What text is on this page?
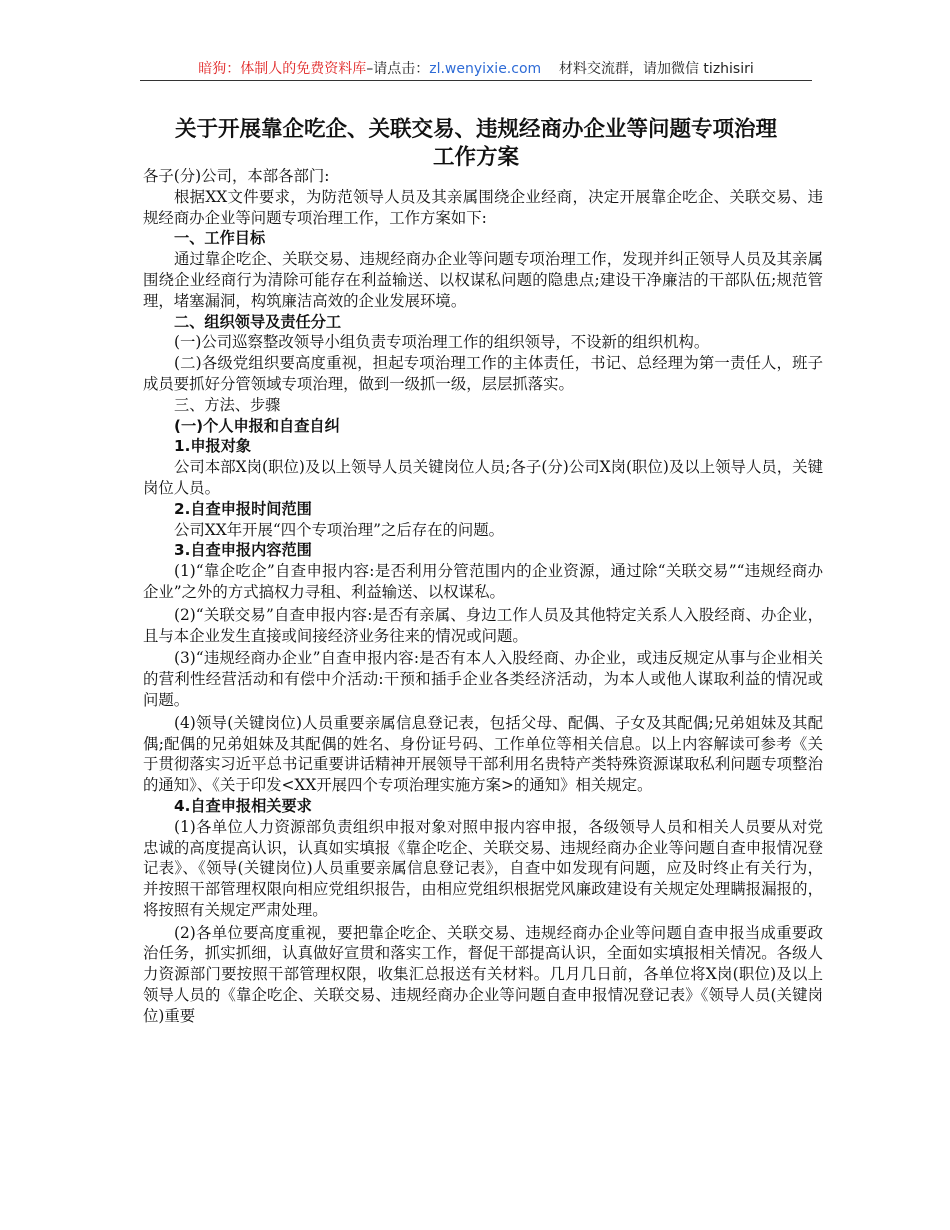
暗狗：体制人的免费资料库–请点击：zl.wenyixie.com 材料交流群，请加微信 tizhisiri
关于开展靠企吃企、关联交易、违规经商办企业等问题专项治理
工作方案

各子(分)公司，本部各部门:

根据XX文件要求，为防范领导人员及其亲属围绕企业经商，决定开展靠企吃企、关联交易、违规经商办企业等问题专项治理工作，工作方案如下:

一、工作目标

通过靠企吃企、关联交易、违规经商办企业等问题专项治理工作，发现并纠正领导人员及其亲属围绕企业经商行为清除可能存在利益输送、以权谋私问题的隐患点;建设干净廉洁的干部队伍;规范管理，堵塞漏洞，构筑廉洁高效的企业发展环境。

二、组织领导及责任分工

(一)公司巡察整改领导小组负责专项治理工作的组织领导，不设新的组织机构。

(二)各级党组织要高度重视，担起专项治理工作的主体责任，书记、总经理为第一责任人，班子成员要抓好分管领域专项治理，做到一级抓一级，层层抓落实。

三、方法、步骤

(一)个人申报和自查自纠

1.申报对象

公司本部X岗(职位)及以上领导人员关键岗位人员;各子(分)公司X岗(职位)及以上领导人员，关键岗位人员。

2.自查申报时间范围

公司XX年开展“四个专项治理”之后存在的问题。

3.自查申报内容范围

(1)“靠企吃企”自查申报内容:是否利用分管范围内的企业资源，通过除“关联交易”“违规经商办企业”之外的方式搞权力寻租、利益输送、以权谋私。

(2)“关联交易”自查申报内容:是否有亲属、身边工作人员及其他特定关系人入股经商、办企业，且与本企业发生直接或间接经济业务往来的情况或问题。

(3)“违规经商办企业”自查申报内容:是否有本人入股经商、办企业，或违反规定从事与企业相关的营利性经营活动和有偿中介活动:干预和插手企业各类经济活动，为本人或他人谋取利益的情况或问题。

(4)领导(关键岗位)人员重要亲属信息登记表，包括父母、配偶、子女及其配偶;兄弟姐妹及其配偶;配偶的兄弟姐妹及其配偶的姓名、身份证号码、工作单位等相关信息。以上内容解读可参考《关于贯彻落实习近平总书记重要讲话精神开展领导干部利用名贵特产类特殊资源谋取私利问题专项整治的通知》、《关于印发<XX开展四个专项治理实施方案>的通知》相关规定。

4.自查申报相关要求

(1)各单位人力资源部负责组织申报对象对照申报内容申报，各级领导人员和相关人员要从对党忠诚的高度提高认识，认真如实填报《靠企吃企、关联交易、违规经商办企业等问题自查申报情况登记表》、《领导(关键岗位)人员重要亲属信息登记表》，自查中如发现有问题，应及时终止有关行为，并按照干部管理权限向相应党组织报告，由相应党组织根据党风廉政建设有关规定处理瞒报漏报的，将按照有关规定严肃处理。

(2)各单位要高度重视，要把靠企吃企、关联交易、违规经商办企业等问题自查申报当成重要政治任务，抓实抓细，认真做好宣贯和落实工作，督促干部提高认识，全面如实填报相关情况。各级人力资源部门要按照干部管理权限，收集汇总报送有关材料。几月几日前，各单位将X岗(职位)及以上领导人员的《靠企吃企、关联交易、违规经商办企业等问题自查申报情况登记表》《领导人员(关键岗位)重要
